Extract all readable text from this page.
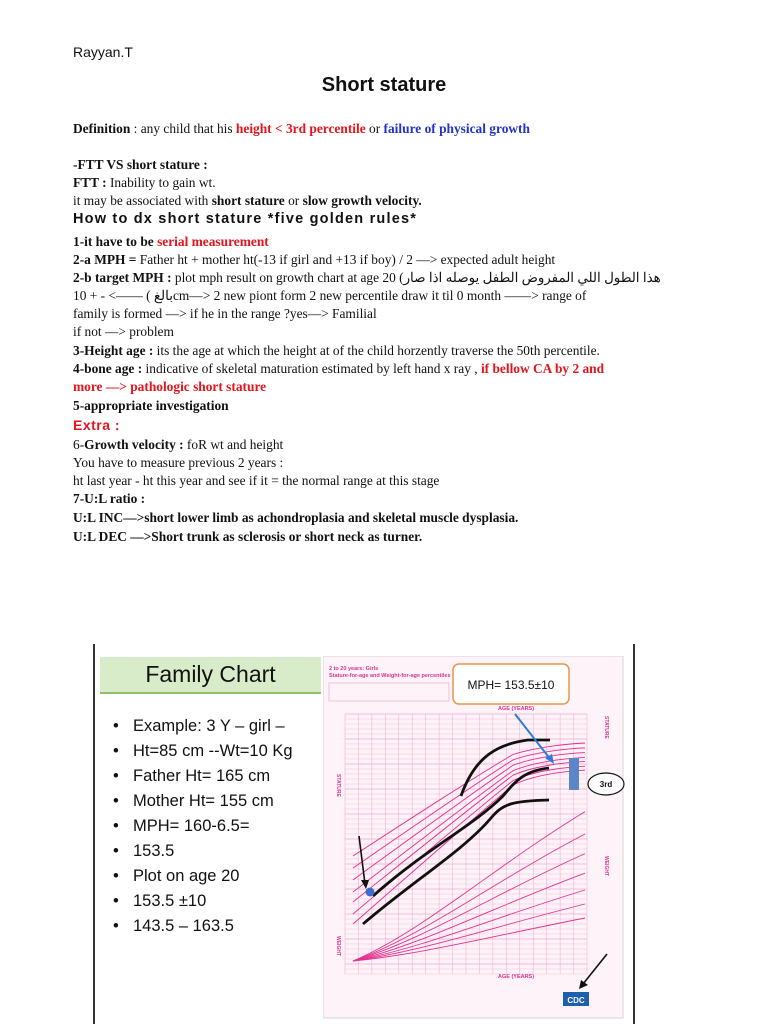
Rayyan.T
Short stature
Definition : any child that his height < 3rd percentile or failure of physical growth
-FTT VS short stature :
FTT : Inability to gain wt.
it may be associated with short stature or slow growth velocity.
How to dx short stature *five golden rules*
1-it have to be serial measurement
2-a MPH = Father ht + mother ht(-13 if girl and +13 if boy) / 2 —> expected adult height
2-b target MPH : plot mph result on growth chart at age 20 (هذا الطول اللي المفروض الطفل يوصله اذا صار
بالغ ) ——> - + 10cm—> 2 new piont form 2 new percentile draw it til 0 month ——> range of
family is formed —> if he in the range ?yes—> Familial
if not —> problem
3-Height age : its the age at which the height at of the child horzently traverse the 50th percentile.
4-bone age : indicative of skeletal maturation estimated by left hand x ray , if bellow CA by 2 and
more —> pathologic short stature
5-appropriate investigation
Extra :
6-Growth velocity : foR wt and height
You have to measure previous 2 years :
ht last year - ht this year and see if it = the normal range at this stage
7-U:L ratio :
U:L INC—>short lower limb as achondroplasia and skeletal muscle dysplasia.
U:L DEC —>Short trunk as sclerosis or short neck as turner.
Family Chart
• Example: 3 Y – girl –
• Ht=85 cm --Wt=10 Kg
• Father Ht= 165 cm
• Mother Ht= 155 cm
• MPH= 160-6.5=
• 153.5
• Plot on age 20
• 153.5 ±10
• 143.5 – 163.5
2 to 20 years: Girls
Stature-for-age and Weight-for-age percentiles
AGE (YEARS)
AGE (YEARS)
STATURE
STATURE
WEIGHT
WEIGHT
MPH= 153.5±10
3rd
CDC
